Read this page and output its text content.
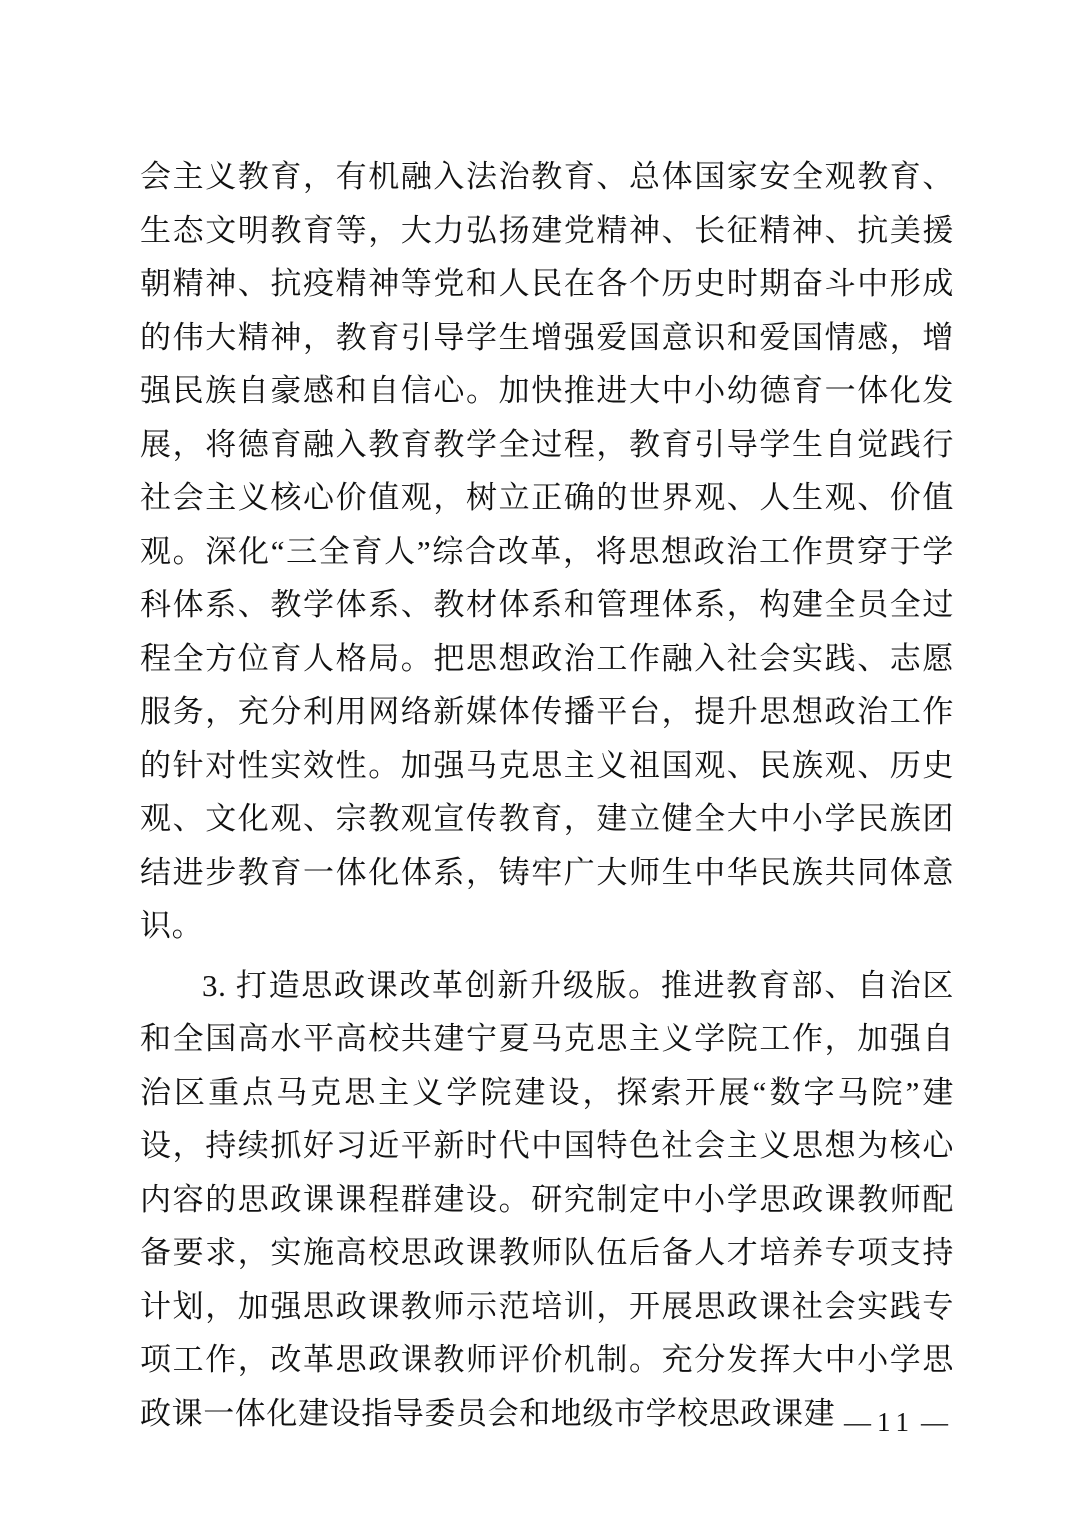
会主义教育，有机融入法治教育、总体国家安全观教育、生态文明教育等，大力弘扬建党精神、长征精神、抗美援朝精神、抗疫精神等党和人民在各个历史时期奋斗中形成的伟大精神，教育引导学生增强爱国意识和爱国情感，增强民族自豪感和自信心。加快推进大中小幼德育一体化发展，将德育融入教育教学全过程，教育引导学生自觉践行社会主义核心价值观，树立正确的世界观、人生观、价值观。深化“三全育人”综合改革，将思想政治工作贯穿于学科体系、教学体系、教材体系和管理体系，构建全员全过程全方位育人格局。把思想政治工作融入社会实践、志愿服务，充分利用网络新媒体传播平台，提升思想政治工作的针对性实效性。加强马克思主义祖国观、民族观、历史观、文化观、宗教观宣传教育，建立健全大中小学民族团结进步教育一体化体系，铸牢广大师生中华民族共同体意识。

3. 打造思政课改革创新升级版。推进教育部、自治区和全国高水平高校共建宁夏马克思主义学院工作，加强自治区重点马克思主义学院建设，探索开展“数字马院”建设，持续抓好习近平新时代中国特色社会主义思想为核心内容的思政课课程群建设。研究制定中小学思政课教师配备要求，实施高校思政课教师队伍后备人才培养专项支持计划，加强思政课教师示范培训，开展思政课社会实践专项工作，改革思政课教师评价机制。充分发挥大中小学思政课一体化建设指导委员会和地级市学校思政课建 — 11 —
